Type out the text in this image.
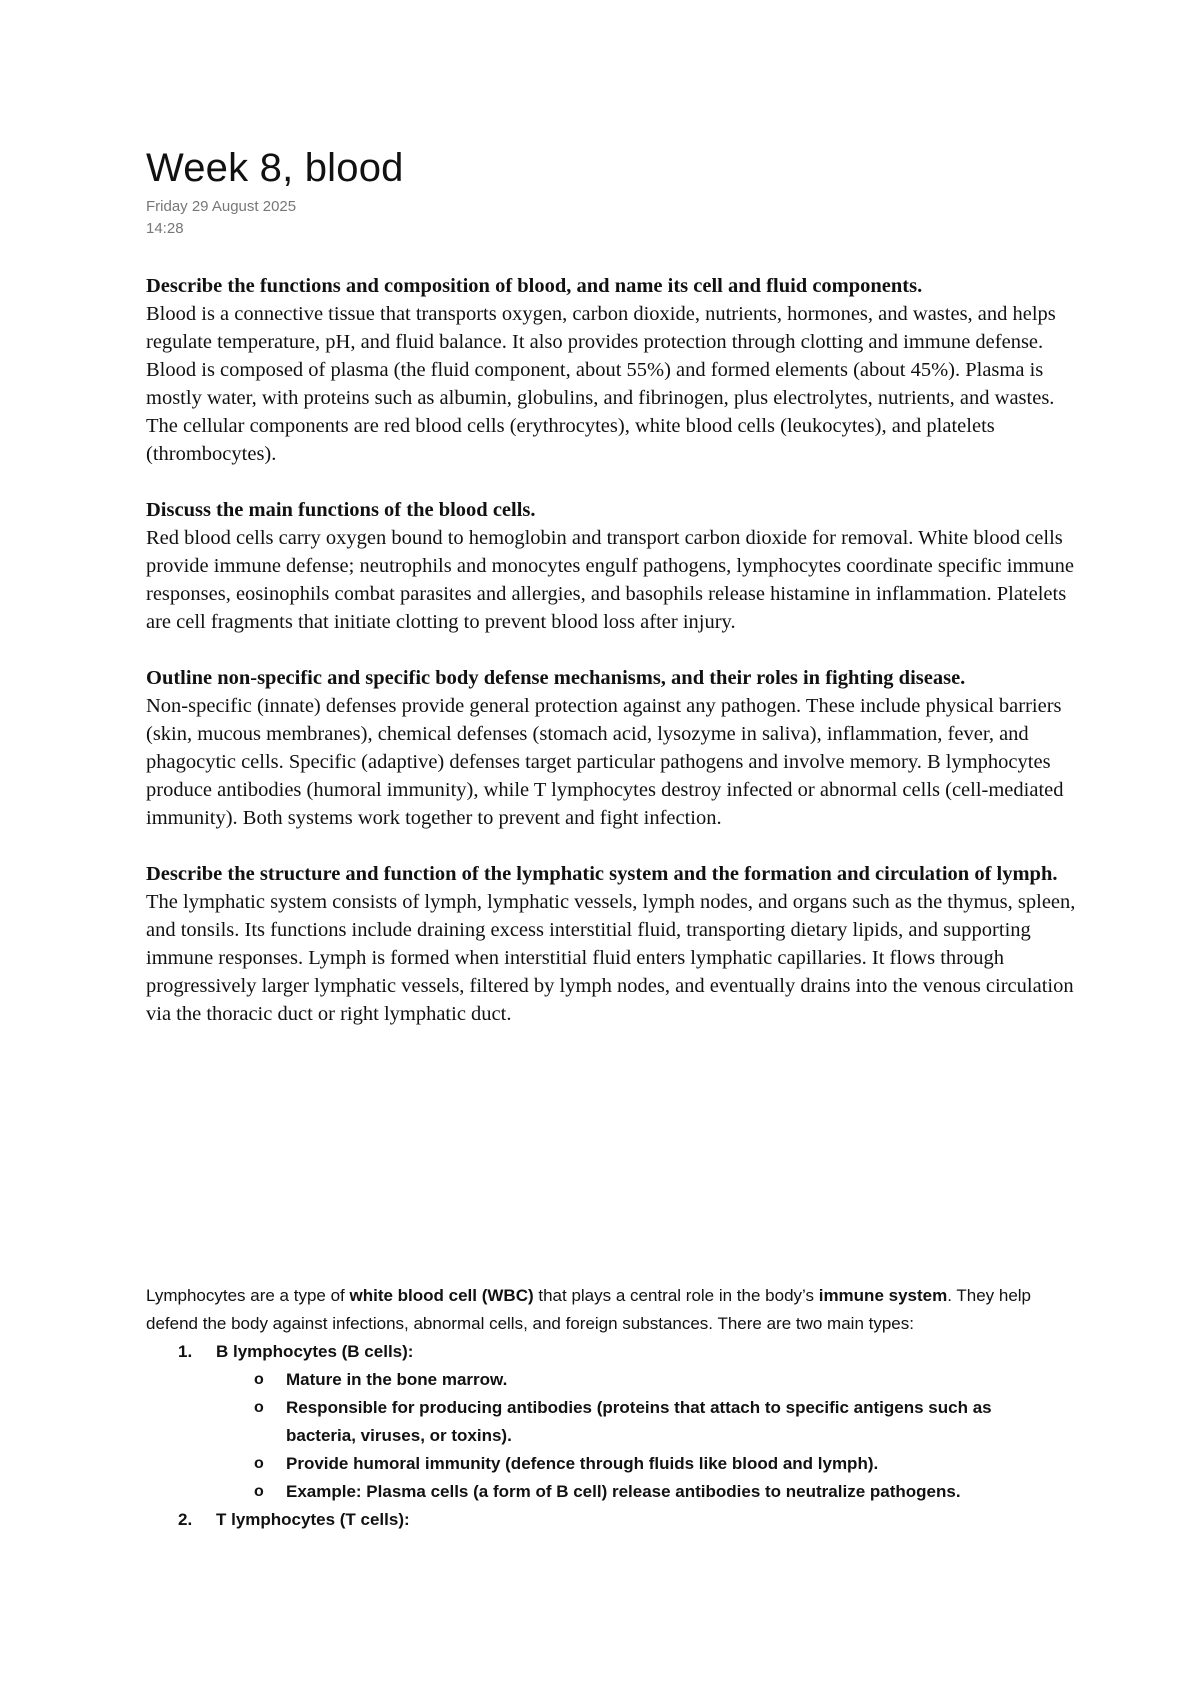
Week 8, blood
Friday 29 August 2025
14:28
Describe the functions and composition of blood, and name its cell and fluid components.

Blood is a connective tissue that transports oxygen, carbon dioxide, nutrients, hormones, and wastes, and helps regulate temperature, pH, and fluid balance. It also provides protection through clotting and immune defense. Blood is composed of plasma (the fluid component, about 55%) and formed elements (about 45%). Plasma is mostly water, with proteins such as albumin, globulins, and fibrinogen, plus electrolytes, nutrients, and wastes. The cellular components are red blood cells (erythrocytes), white blood cells (leukocytes), and platelets (thrombocytes).

Discuss the main functions of the blood cells.

Red blood cells carry oxygen bound to hemoglobin and transport carbon dioxide for removal. White blood cells provide immune defense; neutrophils and monocytes engulf pathogens, lymphocytes coordinate specific immune responses, eosinophils combat parasites and allergies, and basophils release histamine in inflammation. Platelets are cell fragments that initiate clotting to prevent blood loss after injury.

Outline non-specific and specific body defense mechanisms, and their roles in fighting disease.

Non-specific (innate) defenses provide general protection against any pathogen. These include physical barriers (skin, mucous membranes), chemical defenses (stomach acid, lysozyme in saliva), inflammation, fever, and phagocytic cells. Specific (adaptive) defenses target particular pathogens and involve memory. B lymphocytes produce antibodies (humoral immunity), while T lymphocytes destroy infected or abnormal cells (cell-mediated immunity). Both systems work together to prevent and fight infection.

Describe the structure and function of the lymphatic system and the formation and circulation of lymph.

The lymphatic system consists of lymph, lymphatic vessels, lymph nodes, and organs such as the thymus, spleen, and tonsils. Its functions include draining excess interstitial fluid, transporting dietary lipids, and supporting immune responses. Lymph is formed when interstitial fluid enters lymphatic capillaries. It flows through progressively larger lymphatic vessels, filtered by lymph nodes, and eventually drains into the venous circulation via the thoracic duct or right lymphatic duct.

Lymphocytes are a type of white blood cell (WBC) that plays a central role in the body’s immune system. They help defend the body against infections, abnormal cells, and foreign substances. There are two main types:

1.	B lymphocytes (B cells):
o Mature in the bone marrow.
o Responsible for producing antibodies (proteins that attach to specific antigens such as bacteria, viruses, or toxins).
o Provide humoral immunity (defence through fluids like blood and lymph).
o Example: Plasma cells (a form of B cell) release antibodies to neutralize pathogens.
2.	T lymphocytes (T cells):
